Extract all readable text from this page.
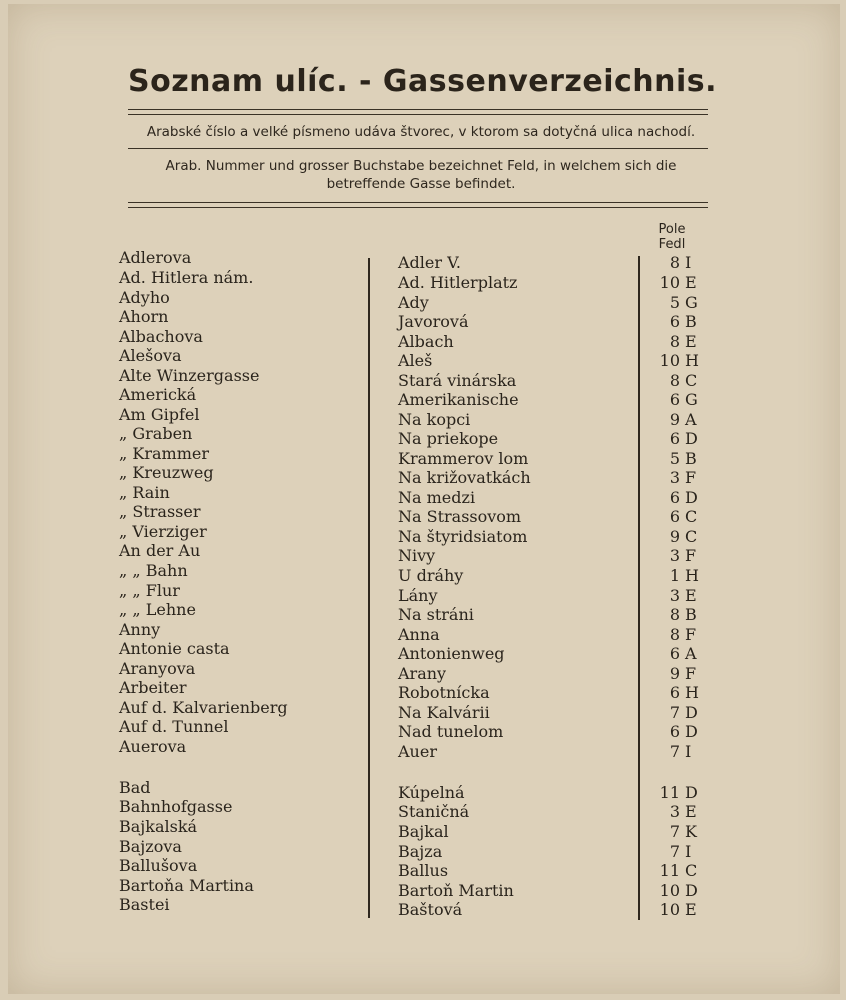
Soznam ulíc. - Gassenverzeichnis.
Arabské číslo a velké písmeno udáva štvorec, v ktorom sa dotyčná ulica nachodí.
Arab. Nummer und grosser Buchstabe bezeichnet Feld, in welchem sich die betreffende Gasse befindet.
Pole
Fedl
Adlerova	Adler V.	8 I
Ad. Hitlera nám.	Ad. Hitlerplatz	10 E
Adyho	Ady	5 G
Ahorn	Javorová	6 B
Albachova	Albach	8 E
Alešova	Aleš	10 H
Alte Winzergasse	Stará vinárska	8 C
Americká	Amerikanische	6 G
Am Gipfel	Na kopci	9 A
„ Graben	Na priekope	6 D
„ Krammer	Krammerov lom	5 B
„ Kreuzweg	Na križovatkách	3 F
„ Rain	Na medzi	6 D
„ Strasser	Na Strassovom	6 C
„ Vierziger	Na štyridsiatom	9 C
An der Au	Nivy	3 F
„ „ Bahn	U dráhy	1 H
„ „ Flur	Lány	3 E
„ „ Lehne	Na stráni	8 B
Anny	Anna	8 F
Antonie casta	Antonienweg	6 A
Aranyova	Arany	9 F
Arbeiter	Robotnícka	6 H
Auf d. Kalvarienberg	Na Kalvárii	7 D
Auf d. Tunnel	Nad tunelom	6 D
Auerova	Auer	7 I
Bad	Kúpelná	11 D
Bahnhofgasse	Staničná	3 E
Bajkalská	Bajkal	7 K
Bajzova	Bajza	7 I
Ballušova	Ballus	11 C
Bartoňa Martina	Bartoň Martin	10 D
Bastei	Baštová	10 E
